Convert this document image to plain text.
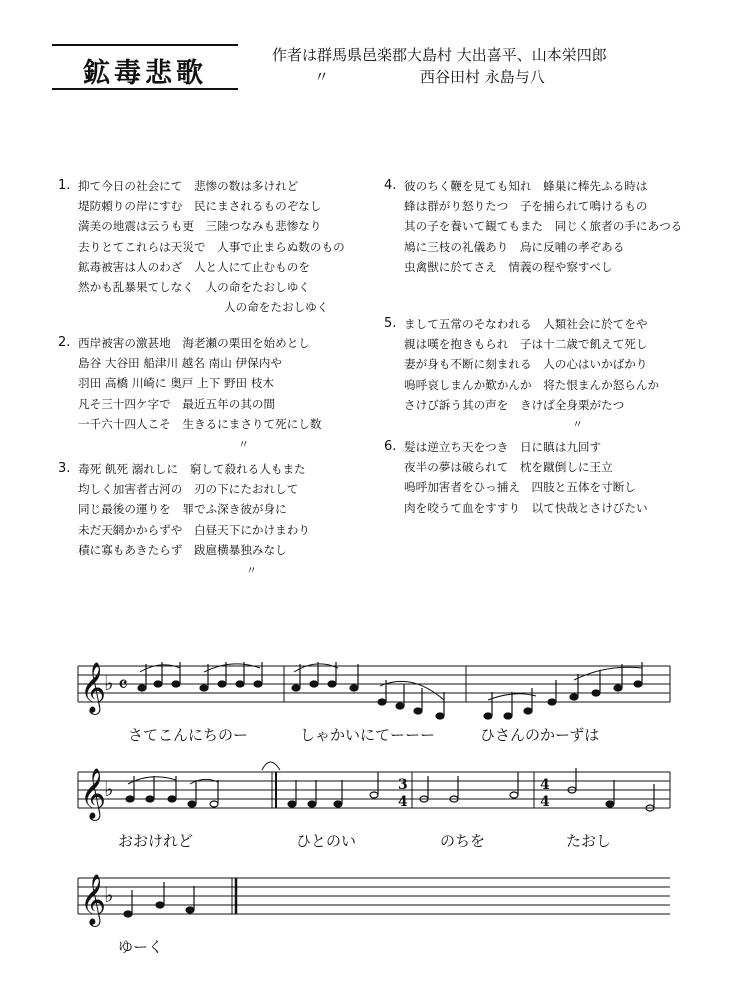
鉱毒悲歌
作者は群馬県邑楽郡大島村 大出喜平、山本栄四郎
〃	西谷田村 永島与八
1. 抑て今日の社会にて　悲惨の数は多けれど
堤防頼りの岸にすむ　民にまされるものぞなし
満美の地震は云うも更　三陸つなみも悲惨なり
去りとてこれらは天災で　人事で止まらぬ数のもの
鉱毒被害は人のわざ　人と人にて止むものを
然かも乱暴果てしなく　人の命をたおしゆく
人の命をたおしゆく
2. 西岸被害の激甚地　海老瀬の栗田を始めとし
島谷 大谷田 船津川 越名 南山 伊保内や
羽田 高橋 川崎に 奥戸 上下 野田 枝木
凡そ三十四ケ字で　最近五年の其の間
一千六十四人こそ　生きるにまさりて死にし数
〃
3. 毒死 飢死 溺れしに　窮して殺れる人もまた
均しく加害者古河の　刃の下にたおれして
同じ最後の運りを　罪でふ深き彼が身に
未だ天網かからずや　白昼天下にかけまわり
積に寡もあきたらず　跋扈横暴独みなし
〃
4. 彼のちく鞭を見ても知れ　蜂巣に棒先ふる時は
蜂は群がり怒りたつ　子を捕られて鳴けるもの
其の子を養いて観てもまた　同じく旅者の手にあつる
鳩に三枝の礼儀あり　烏に反哺の孝ぞある
虫禽獣に於てさえ　情義の程や察すべし
5. まして五常のそなわれる　人類社会に於てをや
親は嘆を抱きもられ　子は十二歳で飢えて死し
妻が身も不断に刻まれる　人の心はいかばかり
嗚呼哀しまんか歎かんか　将た恨まんか怒らんか
さけび訴う其の声を　きけば全身栗がたつ
〃
6. 髪は逆立ち天をつき　日に瞋は九回す
夜半の夢は破られて　枕を蹴倒しに王立
嗚呼加害者をひっ捕え　四肢と五体を寸断し
肉を咬うて血をすすり　以て快哉とさけびたい
𝄞
♭
𝄞
♭
𝄞
♭
𝄴
3
4
4
4
さてこんにちのー	しゃかいにてーーー	ひさんのかーずは
おおけれど	ひとのい	のちを	たおし
ゆーく
